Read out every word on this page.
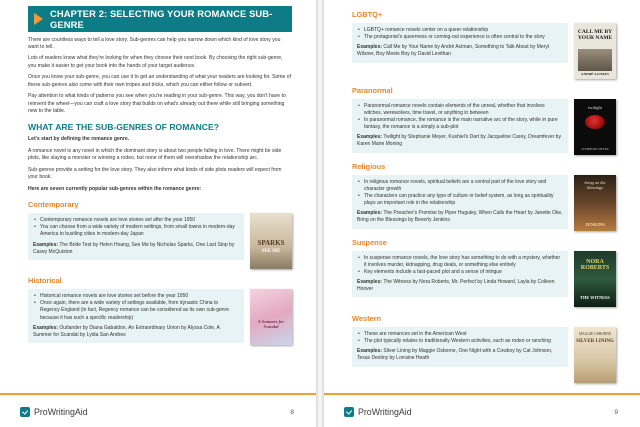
CHAPTER 2: SELECTING YOUR ROMANCE SUB-GENRE

There are countless ways to tell a love story. Sub-genres can help you narrow down which kind of love story you want to tell.

Lots of readers know what they're looking for when they choose their next book. By choosing the right sub-genre, you make it easier to get your book into the hands of your target audience.

Once you know your sub-genre, you can use it to get an understanding of what your readers are looking for. Some of these sub-genres also come with their own tropes and tricks, which you can either follow or subvert.

Pay attention to what kinds of patterns you see when you're reading in your sub-genre. This way, you don't have to reinvent the wheel—you can craft a love story that builds on what's already out there while still bringing something new to the table.

WHAT ARE THE SUB-GENRES OF ROMANCE?

Let's start by defining the romance genre.

A romance novel is any novel in which the dominant story is about two people falling in love. There might be side plots, like slaying a monster or winning a rodeo, but none of them will overshadow the relationship arc.

Sub-genres provide a setting for the love story. They also inform what kinds of side plots readers will expect from your book.

Here are seven currently popular sub-genres within the romance genre:

Contemporary
• Contemporary romance novels are love stories set after the year 1950
• You can choose from a wide variety of modern settings, from small towns in modern-day America to bustling cities in modern-day Japan
Examples: The Bride Test by Helen Hoang, See Me by Nicholas Sparks, One Last Stop by Casey McQuiston
SPARKS
SEE ME
Historical
• Historical romance novels are love stories set before the year 1950
• Once again, there are a wide variety of settings available, from dynastic China to Regency England (in fact, Regency romance can be considered as its own sub-genre because it has such a specific readership)
Examples: Outlander by Diana Gabaldon, An Extraordinary Union by Alyssa Cole, A Summer for Scandal by Lydia San Andres
A Summer for Scandal
ProWritingAid	8
LGBTQ+
• LGBTQ+ romance novels center on a queer relationship
• The protagonist's queerness or coming-out experience is often central to the story
Examples: Call Me by Your Name by André Aciman, Something to Talk About by Meryl Wilsner, Boy Meets Boy by David Levithan
CALL ME BY YOUR NAME
ANDRÉ ACIMAN
Paranormal
• Paranormal romance novels contain elements of the unreal, whether that involves witches, werewolves, time travel, or anything in between
• In paranormal romance, the romance is the main narrative arc of the story, while in pure fantasy, the romance is a simply a sub-plot
Examples: Twilight by Stephanie Meyer, Kushiel's Dart by Jacqueline Carey, Dreamfever by Karen Marie Moning
twilight
STEPHENIE MEYER
Religious
• In religious romance novels, spiritual beliefs are a central part of the love story and character growth
• The characters can practice any type of culture or belief system, as long as spirituality plays an important role in the relationship
Examples: The Preacher's Promise by Piper Huguley, When Calls the Heart by Janette Oke, Bring on the Blessings by Beverly Jenkins
bring on the blessings
JENKINS
Suspense
• In suspense romance novels, the love story has something to do with a mystery, whether it involves murder, kidnapping, drug deals, or something else entirely
• Key elements include a fast-paced plot and a sense of intrigue
Examples: The Witness by Nora Roberts, Mr. Perfect by Linda Howard, Layla by Colleen Hoover
NORA ROBERTS
THE WITNESS
Western
• These are romances set in the American West
• The plot typically relates to traditionally Western activities, such as rodeo or ranching
Examples: Silver Lining by Maggie Osborne, One Night with a Cowboy by Cat Johnson, Texas Destiny by Lorraine Heath
MAGGIE OSBORNE
SILVER LINING
ProWritingAid	9
